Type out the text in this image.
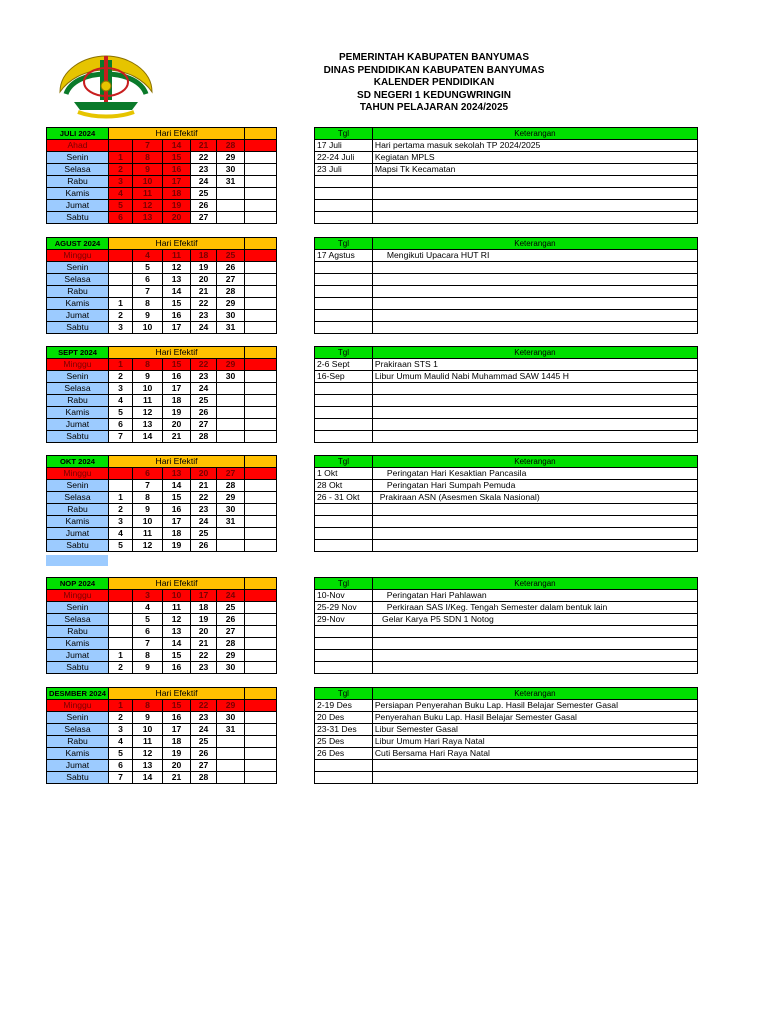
PEMERINTAH KABUPATEN BANYUMAS
DINAS PENDIDIKAN KABUPATEN BANYUMAS
KALENDER PENDIDIKAN
SD NEGERI 1 KEDUNGWRINGIN
TAHUN PELAJARAN 2024/2025
JULI 2024	Hari Efektif					
Ahad		7	14	21	28	
Senin	1	8	15	22	29	
Selasa	2	9	16	23	30	
Rabu	3	10	17	24	31	
Kamis	4	11	18	25		
Jumat	5	12	19	26		
Sabtu	6	13	20	27		
Tgl	Keterangan
17 Juli	Hari pertama masuk sekolah TP 2024/2025
22-24 Juli	Kegiatan MPLS
23 Juli	Mapsi Tk Kecamatan

AGUST 2024	Hari Efektif					
Minggu		4	11	18	25	
Senin		5	12	19	26	
Selasa		6	13	20	27	
Rabu		7	14	21	28	
Kamis	1	8	15	22	29	
Jumat	2	9	16	23	30	
Sabtu	3	10	17	24	31	
Tgl	Keterangan
17 Agstus	Mengikuti Upacara HUT RI

SEPT 2024	Hari Efektif					
Minggu	1	8	15	22	29	
Senin	2	9	16	23	30	
Selasa	3	10	17	24		
Rabu	4	11	18	25		
Kamis	5	12	19	26		
Jumat	6	13	20	27		
Sabtu	7	14	21	28		
Tgl	Keterangan
2-6 Sept	Prakiraan STS 1
16-Sep	Libur Umum Maulid Nabi Muhammad SAW 1445 H

OKT 2024	Hari Efektif					
Minggu		6	13	20	27	
Senin		7	14	21	28	
Selasa	1	8	15	22	29	
Rabu	2	9	16	23	30	
Kamis	3	10	17	24	31	
Jumat	4	11	18	25		
Sabtu	5	12	19	26		
Tgl	Keterangan
1 Okt	Peringatan Hari Kesaktian Pancasila
28 Okt	Peringatan Hari Sumpah Pemuda
26 - 31 Okt	Prakiraan ASN (Asesmen Skala Nasional)

NOP 2024	Hari Efektif					
Minggu		3	10	17	24	
Senin		4	11	18	25	
Selasa		5	12	19	26	
Rabu		6	13	20	27	
Kamis		7	14	21	28	
Jumat	1	8	15	22	29	
Sabtu	2	9	16	23	30	
Tgl	Keterangan
10-Nov	Peringatan Hari Pahlawan
25-29 Nov	Perkiraan SAS I/Keg. Tengah Semester dalam bentuk lain
29-Nov	Gelar Karya P5 SDN 1 Notog

DESMBER 2024	Hari Efektif					
Minggu	1	8	15	22	29	
Senin	2	9	16	23	30	
Selasa	3	10	17	24	31	
Rabu	4	11	18	25		
Kamis	5	12	19	26		
Jumat	6	13	20	27		
Sabtu	7	14	21	28		
Tgl	Keterangan
2-19 Des	Persiapan Penyerahan Buku Lap. Hasil Belajar Semester Gasal
20 Des	Penyerahan Buku Lap. Hasil Belajar Semester Gasal
23-31 Des	Libur Semester Gasal
25 Des	Libur Umum Hari Raya Natal
26 Des	Cuti Bersama Hari Raya Natal
